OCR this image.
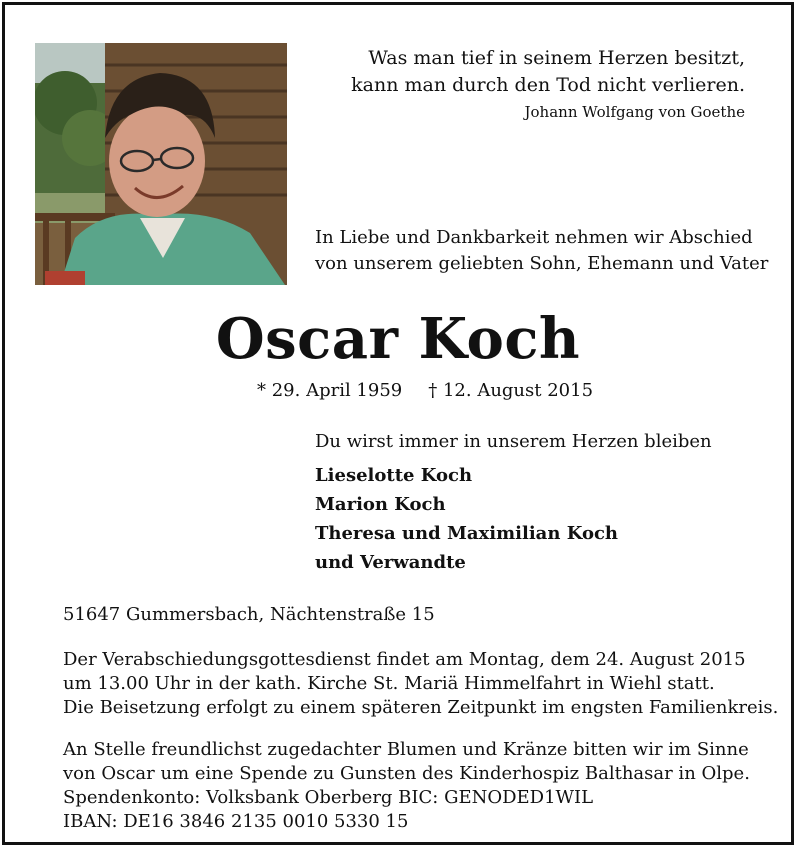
Was man tief in seinem Herzen besitzt,
kann man durch den Tod nicht verlieren.
Johann Wolfgang von Goethe
In Liebe und Dankbarkeit nehmen wir Abschied
von unserem geliebten Sohn, Ehemann und Vater
Oscar Koch
* 29. April 1959 † 12. August 2015
Du wirst immer in unserem Herzen bleiben
Lieselotte Koch
Marion Koch
Theresa und Maximilian Koch
und Verwandte
51647 Gummersbach, Nächtenstraße 15
Der Verabschiedungsgottesdienst findet am Montag, dem 24. August 2015
um 13.00 Uhr in der kath. Kirche St. Mariä Himmelfahrt in Wiehl statt.
Die Beisetzung erfolgt zu einem späteren Zeitpunkt im engsten Familienkreis.
An Stelle freundlichst zugedachter Blumen und Kränze bitten wir im Sinne
von Oscar um eine Spende zu Gunsten des Kinderhospiz Balthasar in Olpe.
Spendenkonto: Volksbank Oberberg BIC: GENODED1WIL
IBAN: DE16 3846 2135 0010 5330 15
